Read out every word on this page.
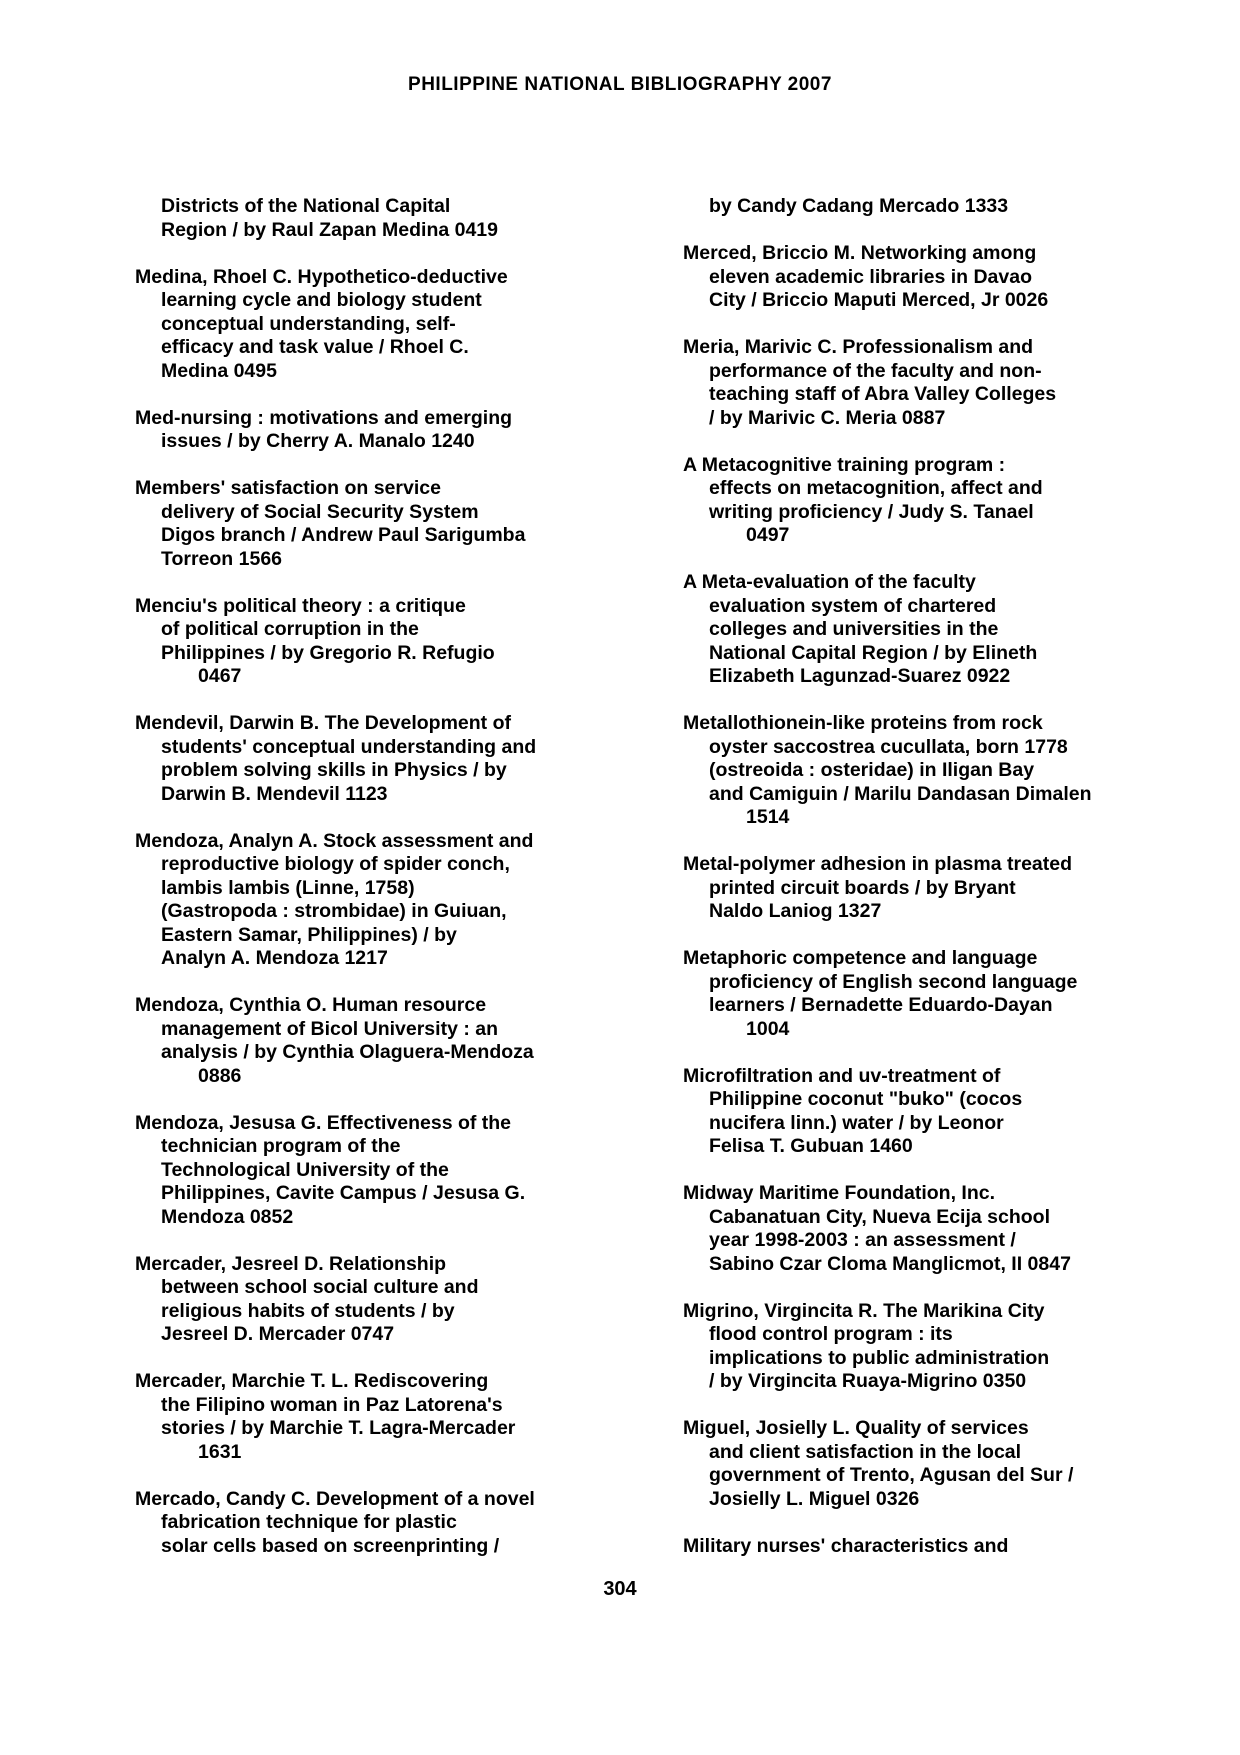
PHILIPPINE NATIONAL BIBLIOGRAPHY 2007
Districts of the National Capital
Region / by Raul Zapan Medina 0419
Medina, Rhoel C. Hypothetico-deductive
learning cycle and biology student
conceptual understanding, self-
efficacy and task value / Rhoel C.
Medina 0495
Med-nursing : motivations and emerging
issues / by Cherry A. Manalo 1240
Members' satisfaction on service
delivery of Social Security System
Digos branch / Andrew Paul Sarigumba
Torreon 1566
Menciu's political theory : a critique
of political corruption in the
Philippines / by Gregorio R. Refugio
0467
Mendevil, Darwin B. The Development of
students' conceptual understanding and
problem solving skills in Physics / by
Darwin B. Mendevil 1123
Mendoza, Analyn A. Stock assessment and
reproductive biology of spider conch,
lambis lambis (Linne, 1758)
(Gastropoda : strombidae) in Guiuan,
Eastern Samar, Philippines) / by
Analyn A. Mendoza 1217
Mendoza, Cynthia O. Human resource
management of Bicol University : an
analysis / by Cynthia Olaguera-Mendoza
0886
Mendoza, Jesusa G. Effectiveness of the
technician program of the
Technological University of the
Philippines, Cavite Campus / Jesusa G.
Mendoza 0852
Mercader, Jesreel D. Relationship
between school social culture and
religious habits of students / by
Jesreel D. Mercader 0747
Mercader, Marchie T. L. Rediscovering
the Filipino woman in Paz Latorena's
stories / by Marchie T. Lagra-Mercader
1631
Mercado, Candy C. Development of a novel
fabrication technique for plastic
solar cells based on screenprinting /
by Candy Cadang Mercado 1333
Merced, Briccio M. Networking among
eleven academic libraries in Davao
City / Briccio Maputi Merced, Jr 0026
Meria, Marivic C. Professionalism and
performance of the faculty and non-
teaching staff of Abra Valley Colleges
/ by Marivic C. Meria 0887
A Metacognitive training program :
effects on metacognition, affect and
writing proficiency / Judy S. Tanael
0497
A Meta-evaluation of the faculty
evaluation system of chartered
colleges and universities in the
National Capital Region / by Elineth
Elizabeth Lagunzad-Suarez 0922
Metallothionein-like proteins from rock
oyster saccostrea cucullata, born 1778
(ostreoida : osteridae) in Iligan Bay
and Camiguin / Marilu Dandasan Dimalen
1514
Metal-polymer adhesion in plasma treated
printed circuit boards / by Bryant
Naldo Laniog 1327
Metaphoric competence and language
proficiency of English second language
learners / Bernadette Eduardo-Dayan
1004
Microfiltration and uv-treatment of
Philippine coconut "buko" (cocos
nucifera linn.) water / by Leonor
Felisa T. Gubuan 1460
Midway Maritime Foundation, Inc.
Cabanatuan City, Nueva Ecija school
year 1998-2003 : an assessment /
Sabino Czar Cloma Manglicmot, II 0847
Migrino, Virgincita R. The Marikina City
flood control program : its
implications to public administration
/ by Virgincita Ruaya-Migrino 0350
Miguel, Josielly L. Quality of services
and client satisfaction in the local
government of Trento, Agusan del Sur /
Josielly L. Miguel 0326
Military nurses' characteristics and
304
